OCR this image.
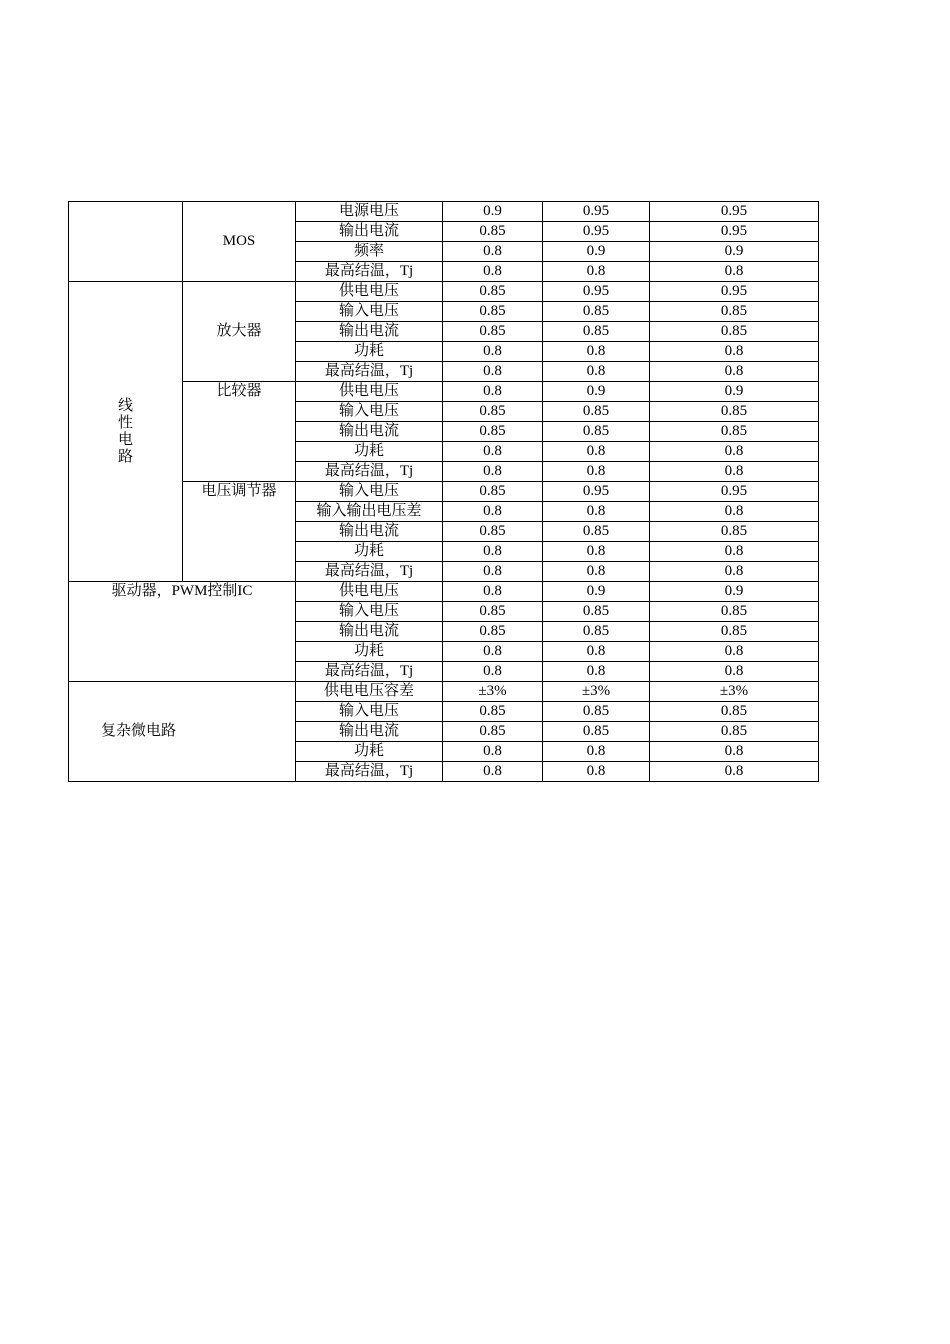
	MOS	电源电压	0.9	0.95	0.95
		输出电流	0.85	0.95	0.95
		频率	0.8	0.9	0.9
		最高结温，Tj	0.8	0.8	0.8
线性电路	放大器	供电电压	0.85	0.95	0.95
		输入电压	0.85	0.85	0.85
		输出电流	0.85	0.85	0.85
		功耗	0.8	0.8	0.8
		最高结温，Tj	0.8	0.8	0.8
	比较器	供电电压	0.8	0.9	0.9
		输入电压	0.85	0.85	0.85
		输出电流	0.85	0.85	0.85
		功耗	0.8	0.8	0.8
		最高结温，Tj	0.8	0.8	0.8
	电压调节器	输入电压	0.85	0.95	0.95
		输入输出电压差	0.8	0.8	0.8
		输出电流	0.85	0.85	0.85
		功耗	0.8	0.8	0.8
		最高结温，Tj	0.8	0.8	0.8
驱动器，PWM控制IC		供电电压	0.8	0.9	0.9
		输入电压	0.85	0.85	0.85
		输出电流	0.85	0.85	0.85
		功耗	0.8	0.8	0.8
		最高结温，Tj	0.8	0.8	0.8
复杂微电路		供电电压容差	±3%	±3%	±3%
		输入电压	0.85	0.85	0.85
		输出电流	0.85	0.85	0.85
		功耗	0.8	0.8	0.8
		最高结温，Tj	0.8	0.8	0.8
